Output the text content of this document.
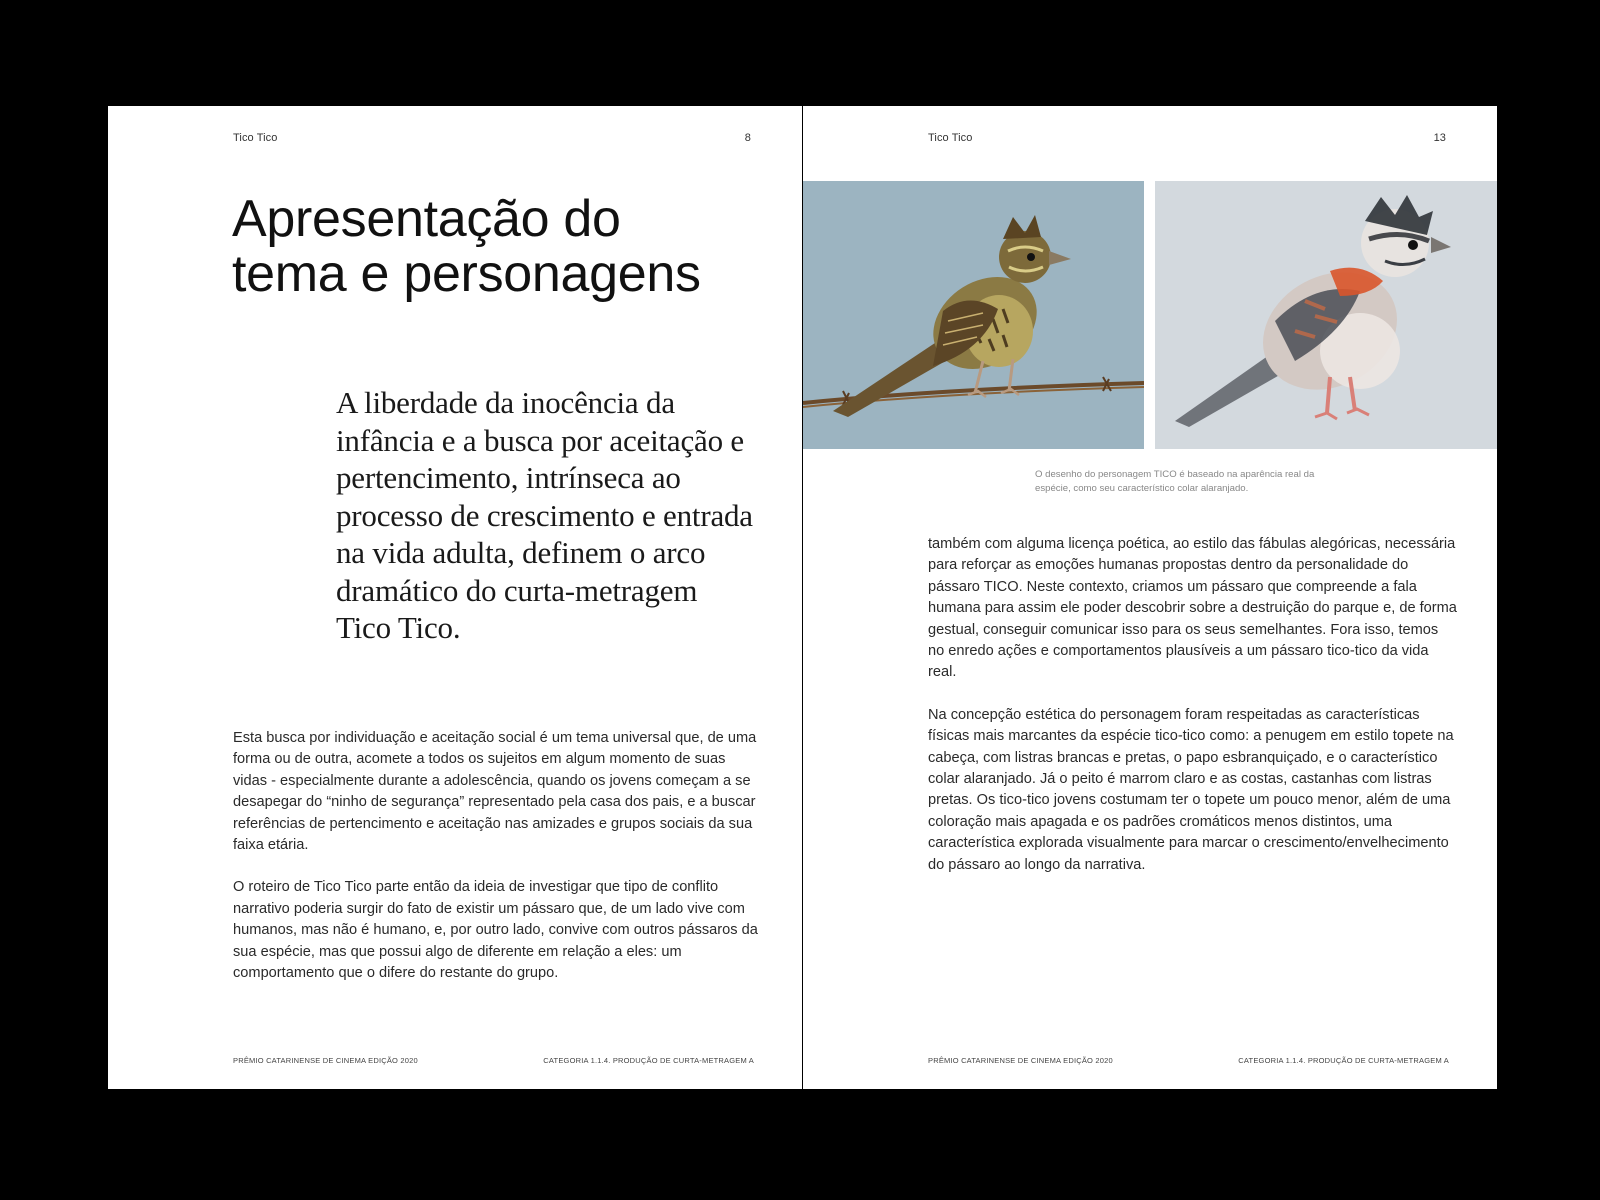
Tico Tico	8
Apresentação do
tema e personagens

A liberdade da inocência da infância e a busca por aceitação e pertencimento, intrínseca ao processo de crescimento e entrada na vida adulta, definem o arco dramático do curta-metragem Tico Tico.

Esta busca por individuação e aceitação social é um tema universal que, de uma forma ou de outra, acomete a todos os sujeitos em algum momento de suas vidas - especialmente durante a adolescência, quando os jovens começam a se desapegar do “ninho de segurança” representado pela casa dos pais, e a buscar referências de pertencimento e aceitação nas amizades e grupos sociais da sua faixa etária.

O roteiro de Tico Tico parte então da ideia de investigar que tipo de conflito narrativo poderia surgir do fato de existir um pássaro que, de um lado vive com humanos, mas não é humano, e, por outro lado, convive com outros pássaros da sua espécie, mas que possui algo de diferente em relação a eles: um comportamento que o difere do restante do grupo.

PRÊMIO CATARINENSE DE CINEMA EDIÇÃO 2020	CATEGORIA 1.1.4. PRODUÇÃO DE CURTA-METRAGEM A
Tico Tico	13
O desenho do personagem TICO é baseado na aparência real da espécie, como seu característico colar alaranjado.

também com alguma licença poética, ao estilo das fábulas alegóricas, necessária para reforçar as emoções humanas propostas dentro da personalidade do pássaro TICO. Neste contexto, criamos um pássaro que compreende a fala humana para assim ele poder descobrir sobre a destruição do parque e, de forma gestual, conseguir comunicar isso para os seus semelhantes. Fora isso, temos no enredo ações e comportamentos plausíveis a um pássaro tico-tico da vida real.

Na concepção estética do personagem foram respeitadas as características físicas mais marcantes da espécie tico-tico como: a penugem em estilo topete na cabeça, com listras brancas e pretas, o papo esbranquiçado, e o característico colar alaranjado. Já o peito é marrom claro e as costas, castanhas com listras pretas. Os tico-tico jovens costumam ter o topete um pouco menor, além de uma coloração mais apagada e os padrões cromáticos menos distintos, uma característica explorada visualmente para marcar o crescimento/envelhecimento do pássaro ao longo da narrativa.

PRÊMIO CATARINENSE DE CINEMA EDIÇÃO 2020	CATEGORIA 1.1.4. PRODUÇÃO DE CURTA-METRAGEM A
